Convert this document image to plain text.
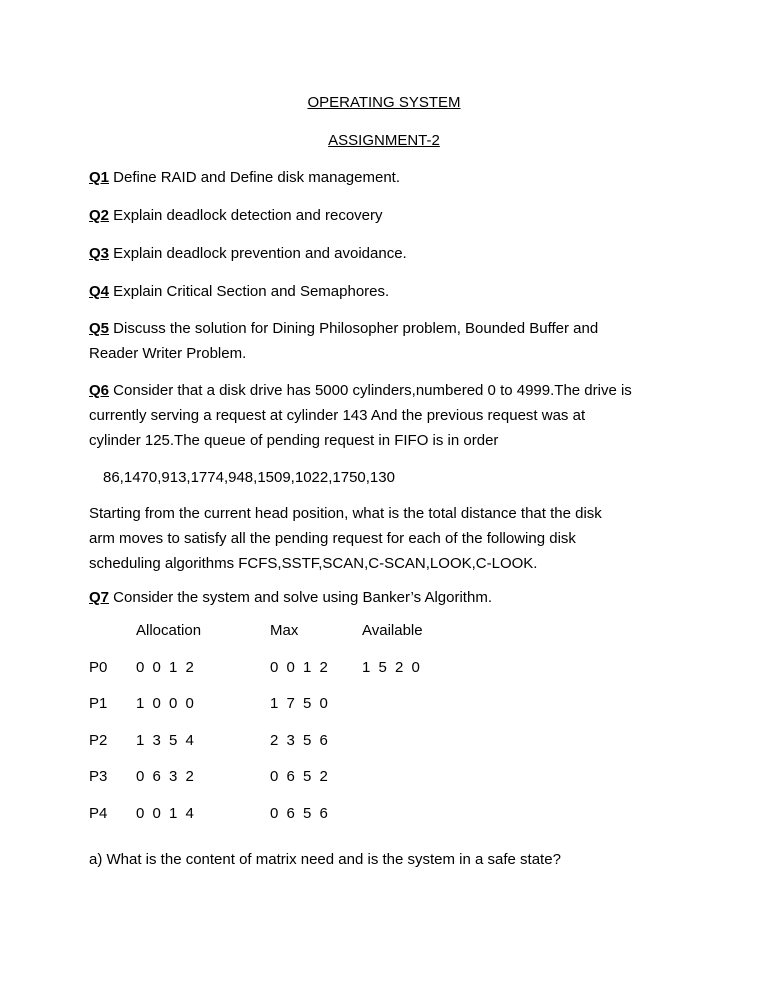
OPERATING SYSTEM
ASSIGNMENT-2
Q1 Define RAID and Define disk management.
Q2 Explain deadlock detection and recovery
Q3 Explain deadlock prevention and avoidance.
Q4 Explain Critical Section and Semaphores.
Q5 Discuss the solution for Dining Philosopher problem, Bounded Buffer and
Reader Writer Problem.
Q6 Consider that a disk drive has 5000 cylinders,numbered 0 to 4999.The drive is
currently serving a request at cylinder 143 And the previous request was at
cylinder 125.The queue of pending request in FIFO is in order
86,1470,913,1774,948,1509,1022,1750,130
Starting from the current head position, what is the total distance that the disk
arm moves to satisfy all the pending request for each of the following disk
scheduling algorithms FCFS,SSTF,SCAN,C-SCAN,LOOK,C-LOOK.
Q7 Consider the system and solve using Banker’s Algorithm.
	Allocation	Max	Available
P0	0 0 1 2	0 0 1 2	1 5 2 0
P1	1 0 0 0	1 7 5 0	
P2	1 3 5 4	2 3 5 6	
P3	0 6 3 2	0 6 5 2	
P4	0 0 1 4	0 6 5 6	
a) What is the content of matrix need and is the system in a safe state?
